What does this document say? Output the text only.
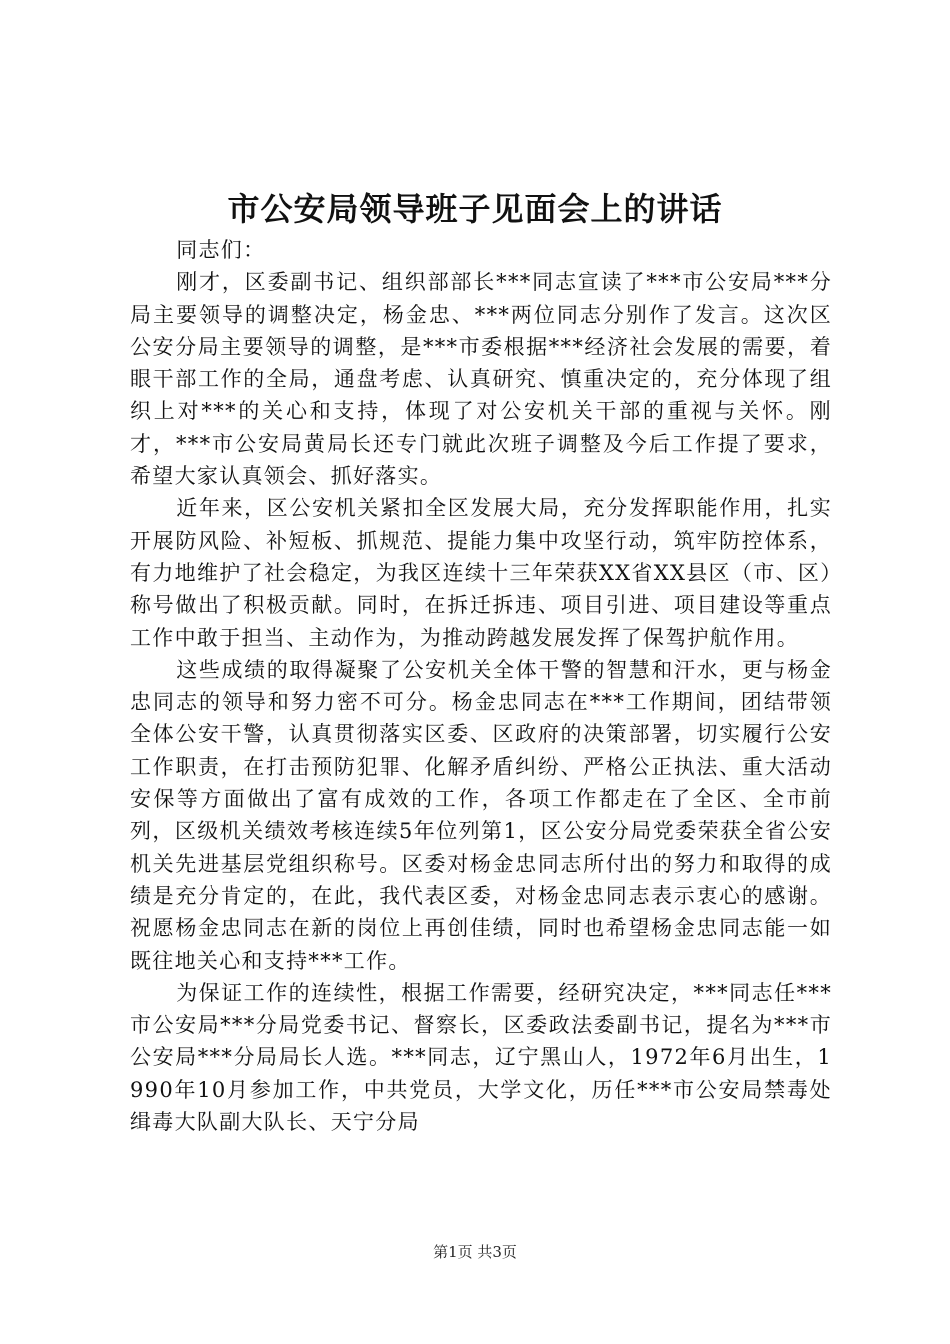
市公安局领导班子见面会上的讲话

同志们：

刚才，区委副书记、组织部部长***同志宣读了***市公安局***分局主要领导的调整决定，杨金忠、***两位同志分别作了发言。这次区公安分局主要领导的调整，是***市委根据***经济社会发展的需要，着眼干部工作的全局，通盘考虑、认真研究、慎重决定的，充分体现了组织上对***的关心和支持，体现了对公安机关干部的重视与关怀。刚才，***市公安局黄局长还专门就此次班子调整及今后工作提了要求，希望大家认真领会、抓好落实。

近年来，区公安机关紧扣全区发展大局，充分发挥职能作用，扎实开展防风险、补短板、抓规范、提能力集中攻坚行动，筑牢防控体系，有力地维护了社会稳定，为我区连续十三年荣获XX省XX县区（市、区）称号做出了积极贡献。同时，在拆迁拆违、项目引进、项目建设等重点工作中敢于担当、主动作为，为推动跨越发展发挥了保驾护航作用。

这些成绩的取得凝聚了公安机关全体干警的智慧和汗水，更与杨金忠同志的领导和努力密不可分。杨金忠同志在***工作期间，团结带领全体公安干警，认真贯彻落实区委、区政府的决策部署，切实履行公安工作职责，在打击预防犯罪、化解矛盾纠纷、严格公正执法、重大活动安保等方面做出了富有成效的工作，各项工作都走在了全区、全市前列，区级机关绩效考核连续5年位列第1，区公安分局党委荣获全省公安机关先进基层党组织称号。区委对杨金忠同志所付出的努力和取得的成绩是充分肯定的，在此，我代表区委，对杨金忠同志表示衷心的感谢。祝愿杨金忠同志在新的岗位上再创佳绩，同时也希望杨金忠同志能一如既往地关心和支持***工作。

为保证工作的连续性，根据工作需要，经研究决定，***同志任***市公安局***分局党委书记、督察长，区委政法委副书记，提名为***市公安局***分局局长人选。***同志，辽宁黑山人，1972年6月出生，1990年10月参加工作，中共党员，大学文化，历任***市公安局禁毒处缉毒大队副大队长、天宁分局

第1页 共3页
